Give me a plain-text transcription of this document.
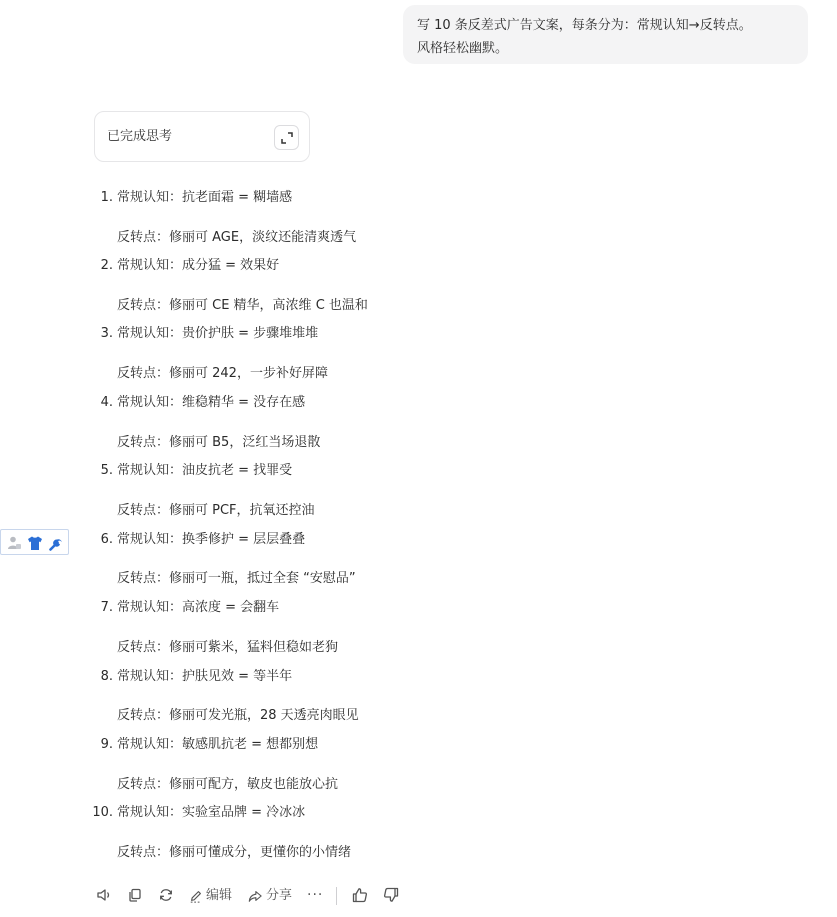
写 10 条反差式广告文案，每条分为：常规认知→反转点。
风格轻松幽默。
已完成思考
1. 常规认知：抗老面霜 = 糊墙感
反转点：修丽可 AGE，淡纹还能清爽透气
2. 常规认知：成分猛 = 效果好
反转点：修丽可 CE 精华，高浓维 C 也温和
3. 常规认知：贵价护肤 = 步骤堆堆堆
反转点：修丽可 242，一步补好屏障
4. 常规认知：维稳精华 = 没存在感
反转点：修丽可 B5，泛红当场退散
5. 常规认知：油皮抗老 = 找罪受
反转点：修丽可 PCF，抗氧还控油
6. 常规认知：换季修护 = 层层叠叠
反转点：修丽可一瓶，抵过全套 “安慰品”
7. 常规认知：高浓度 = 会翻车
反转点：修丽可紫米，猛料但稳如老狗
8. 常规认知：护肤见效 = 等半年
反转点：修丽可发光瓶，28 天透亮肉眼见
9. 常规认知：敏感肌抗老 = 想都别想
反转点：修丽可配方，敏皮也能放心抗
10. 常规认知：实验室品牌 = 冷冰冰
反转点：修丽可懂成分，更懂你的小情绪
编辑	分享 ···
